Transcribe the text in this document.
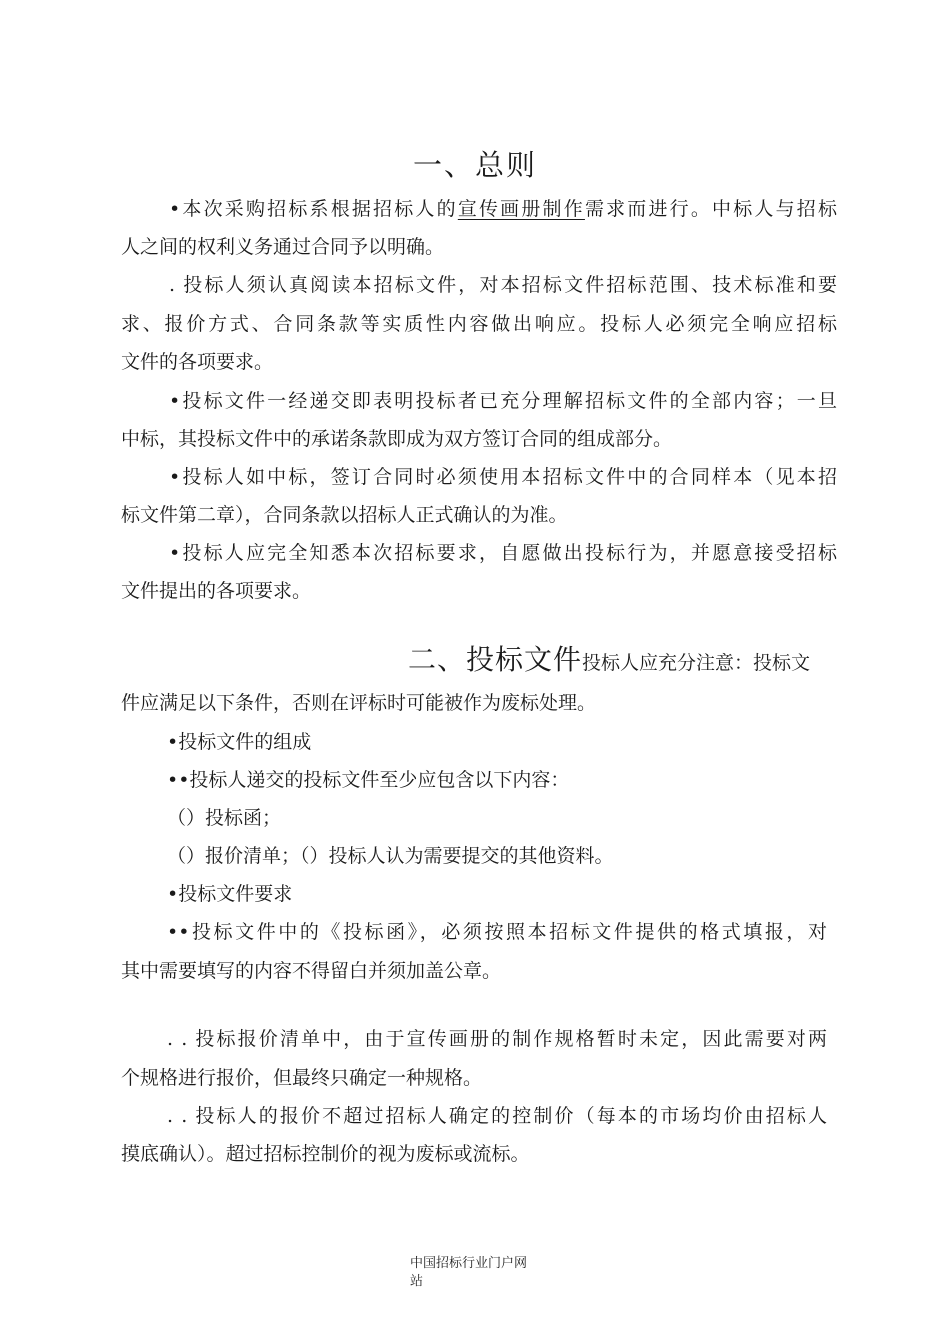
一、总则
•本次采购招标系根据招标人的宣传画册制作需求而进行。中标人与招标
人之间的权利义务通过合同予以明确。
. 投标人须认真阅读本招标文件，对本招标文件招标范围、技术标准和要
求、报价方式、合同条款等实质性内容做出响应。投标人必须完全响应招标
文件的各项要求。
•投标文件一经递交即表明投标者已充分理解招标文件的全部内容；一旦
中标，其投标文件中的承诺条款即成为双方签订合同的组成部分。
•投标人如中标，签订合同时必须使用本招标文件中的合同样本（见本招
标文件第二章），合同条款以招标人正式确认的为准。
•投标人应完全知悉本次招标要求，自愿做出投标行为，并愿意接受招标
文件提出的各项要求。
二、投标文件投标人应充分注意：投标文
件应满足以下条件，否则在评标时可能被作为废标处理。
•投标文件的组成
••投标人递交的投标文件至少应包含以下内容：
（）投标函；
（）报价清单；（）投标人认为需要提交的其他资料。
•投标文件要求
••投标文件中的《投标函》，必须按照本招标文件提供的格式填报，对
其中需要填写的内容不得留白并须加盖公章。
. . 投标报价清单中，由于宣传画册的制作规格暂时未定，因此需要对两
个规格进行报价，但最终只确定一种规格。
. . 投标人的报价不超过招标人确定的控制价（每本的市场均价由招标人
摸底确认）。超过招标控制价的视为废标或流标。
中国招标行业门户网
站
